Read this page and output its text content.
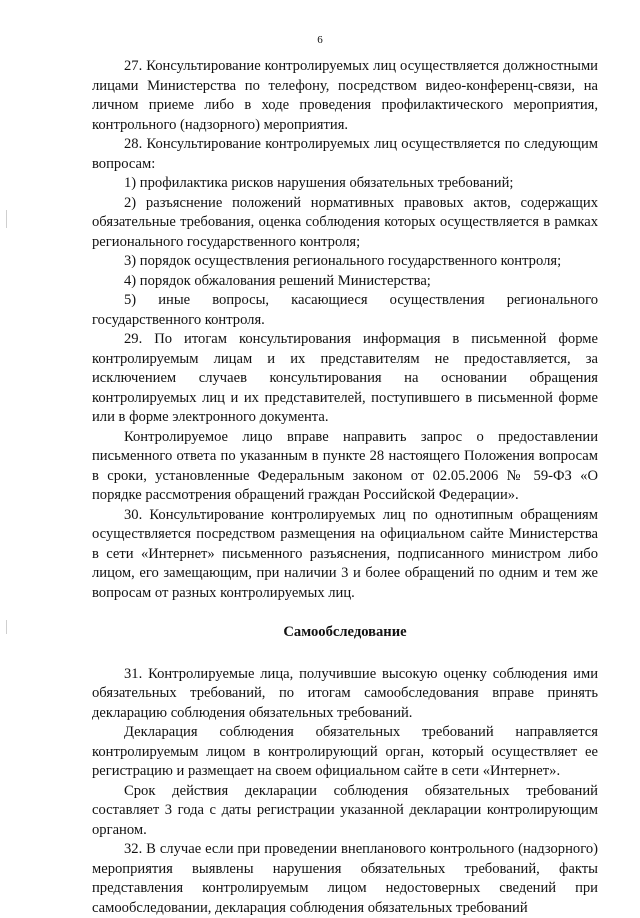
6

27. Консультирование контролируемых лиц осуществляется должностными лицами Министерства по телефону, посредством видео-конференц-связи, на личном приеме либо в ходе проведения профилактического мероприятия, контрольного (надзорного) мероприятия.

28. Консультирование контролируемых лиц осуществляется по следующим вопросам:

1) профилактика рисков нарушения обязательных требований;

2) разъяснение положений нормативных правовых актов, содержащих обязательные требования, оценка соблюдения которых осуществляется в рамках регионального государственного контроля;

3) порядок осуществления регионального государственного контроля;

4) порядок обжалования решений Министерства;

5) иные вопросы, касающиеся осуществления регионального государственного контроля.

29. По итогам консультирования информация в письменной форме контролируемым лицам и их представителям не предоставляется, за исключением случаев консультирования на основании обращения контролируемых лиц и их представителей, поступившего в письменной форме или в форме электронного документа.

Контролируемое лицо вправе направить запрос о предоставлении письменного ответа по указанным в пункте 28 настоящего Положения вопросам в сроки, установленные Федеральным законом от 02.05.2006 № 59-ФЗ «О порядке рассмотрения обращений граждан Российской Федерации».

30. Консультирование контролируемых лиц по однотипным обращениям осуществляется посредством размещения на официальном сайте Министерства в сети «Интернет» письменного разъяснения, подписанного министром либо лицом, его замещающим, при наличии 3 и более обращений по одним и тем же вопросам от разных контролируемых лиц.

Самообследование

31. Контролируемые лица, получившие высокую оценку соблюдения ими обязательных требований, по итогам самообследования вправе принять декларацию соблюдения обязательных требований.

Декларация соблюдения обязательных требований направляется контролируемым лицом в контролирующий орган, который осуществляет ее регистрацию и размещает на своем официальном сайте в сети «Интернет».

Срок действия декларации соблюдения обязательных требований составляет 3 года с даты регистрации указанной декларации контролирующим органом.

32. В случае если при проведении внепланового контрольного (надзорного) мероприятия выявлены нарушения обязательных требований, факты представления контролируемым лицом недостоверных сведений при самообследовании, декларация соблюдения обязательных требований
